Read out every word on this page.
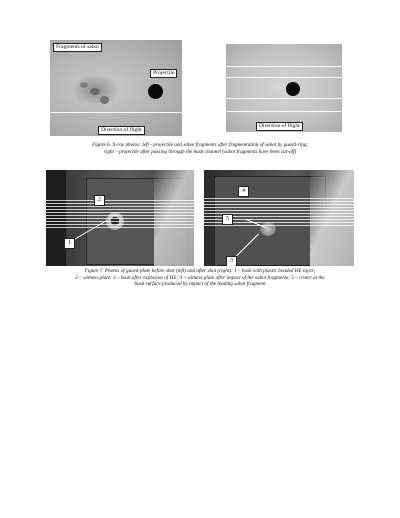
Fragments of sabot
Projectile
Direction of flight
Direction of flight
Figure 6. X-ray photos: left - projectile and sabot fragments after fragmentation of sabot by guard-ring;
right – projectile after passing through the bush channel (sabot fragments have been cut-off)
2
1
4
5
3
Figure 7. Photos of guard-plate before shot (left) and after shot (right): 1 – bush with plastic bonded HE layer;
2 – witness plate; 3 – bush after explosion of HE; 4 – witness plate after impact of the sabot fragments; 5 – crater at the
bush surface produced by impact of the leading sabot fragment
